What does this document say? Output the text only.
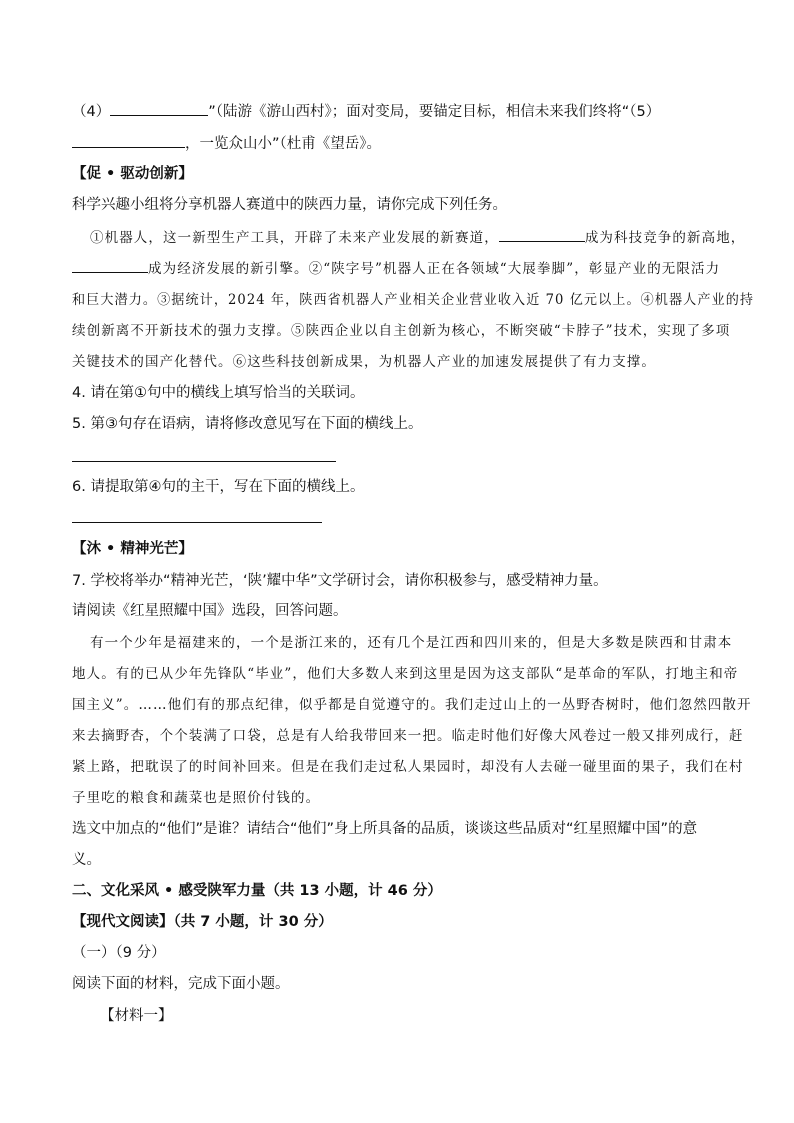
（4）	”（陆游《游山西村》；面对变局，要锚定目标，相信未来我们终将“（5）
，一览众山小”（杜甫《望岳》。
【促 • 驱动创新】
科学兴趣小组将分享机器人赛道中的陕西力量，请你完成下列任务。
①机器人，这一新型生产工具，开辟了未来产业发展的新赛道，	成为科技竞争的新高地，
成为经济发展的新引擎。②“陕字号”机器人正在各领域“大展拳脚”，彰显产业的无限活力
和巨大潜力。③据统计，2024 年，陕西省机器人产业相关企业营业收入近 70 亿元以上。④机器人产业的持
续创新离不开新技术的强力支撑。⑤陕西企业以自主创新为核心，不断突破“卡脖子”技术，实现了多项
关键技术的国产化替代。⑥这些科技创新成果，为机器人产业的加速发展提供了有力支撑。
4. 请在第①句中的横线上填写恰当的关联词。
5. 第③句存在语病，请将修改意见写在下面的横线上。
6. 请提取第④句的主干，写在下面的横线上。
【沐 • 精神光芒】
7. 学校将举办“精神光芒，‘陕’耀中华”文学研讨会，请你积极参与，感受精神力量。
请阅读《红星照耀中国》选段，回答问题。
有一个少年是福建来的，一个是浙江来的，还有几个是江西和四川来的，但是大多数是陕西和甘肃本
地人。有的已从少年先锋队“毕业”，他们大多数人来到这里是因为这支部队“是革命的军队，打地主和帝
国主义”。……他们有的那点纪律，似乎都是自觉遵守的。我们走过山上的一丛野杏树时，他们忽然四散开
来去摘野杏，个个装满了口袋，总是有人给我带回来一把。临走时他们好像大风卷过一般又排列成行，赶
紧上路，把耽误了的时间补回来。但是在我们走过私人果园时，却没有人去碰一碰里面的果子，我们在村
子里吃的粮食和蔬菜也是照价付钱的。
选文中加点的“他们”是谁？请结合“他们”身上所具备的品质，谈谈这些品质对“红星照耀中国”的意
义。
二、文化采风 • 感受陕军力量（共 13 小题，计 46 分）
【现代文阅读】（共 7 小题，计 30 分）
（一）（9 分）
阅读下面的材料，完成下面小题。
【材料一】
